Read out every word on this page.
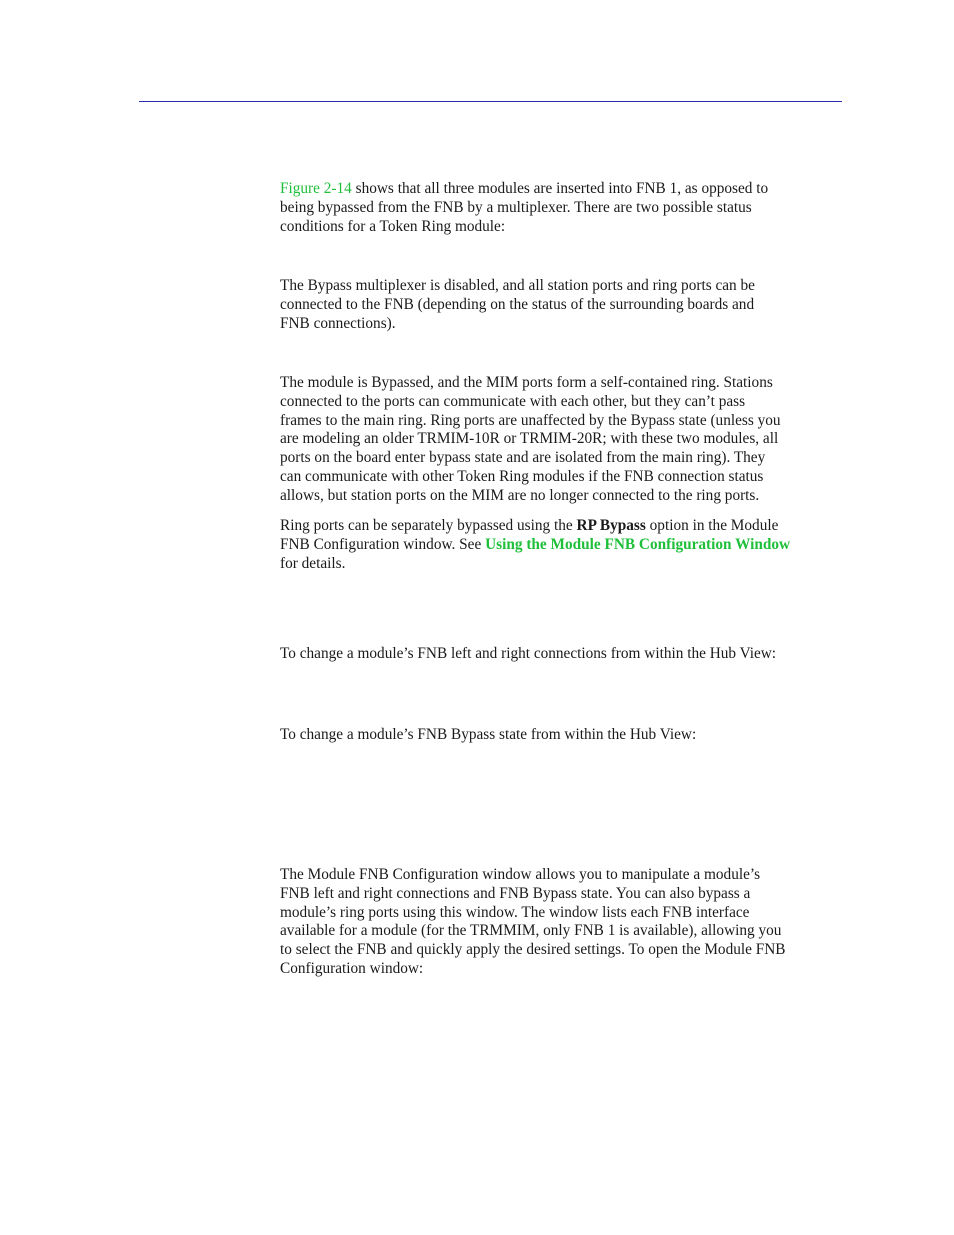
Figure 2-14 shows that all three modules are inserted into FNB 1, as opposed to
being bypassed from the FNB by a multiplexer. There are two possible status
conditions for a Token Ring module:

The Bypass multiplexer is disabled, and all station ports and ring ports can be
connected to the FNB (depending on the status of the surrounding boards and
FNB connections).

The module is Bypassed, and the MIM ports form a self-contained ring. Stations
connected to the ports can communicate with each other, but they can’t pass
frames to the main ring. Ring ports are unaffected by the Bypass state (unless you
are modeling an older TRMIM-10R or TRMIM-20R; with these two modules, all
ports on the board enter bypass state and are isolated from the main ring). They
can communicate with other Token Ring modules if the FNB connection status
allows, but station ports on the MIM are no longer connected to the ring ports.

Ring ports can be separately bypassed using the RP Bypass option in the Module
FNB Configuration window. See Using the Module FNB Configuration Window
for details.

To change a module’s FNB left and right connections from within the Hub View:

To change a module’s FNB Bypass state from within the Hub View:

The Module FNB Configuration window allows you to manipulate a module’s
FNB left and right connections and FNB Bypass state. You can also bypass a
module’s ring ports using this window. The window lists each FNB interface
available for a module (for the TRMMIM, only FNB 1 is available), allowing you
to select the FNB and quickly apply the desired settings. To open the Module FNB
Configuration window:
